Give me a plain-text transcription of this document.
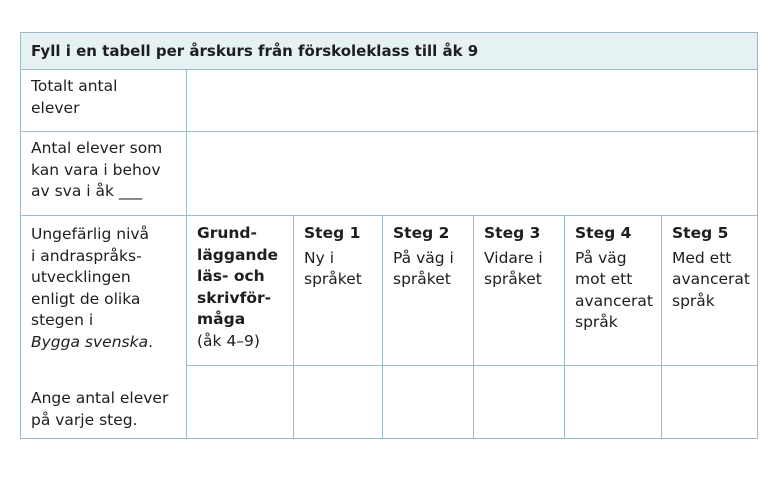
Fyll i en tabell per årskurs från förskoleklass till åk 9
Totalt antal
elever
Antal elever som
kan vara i behov
av sva i åk ___
Ungefärlig nivå
i andraspråks-
utvecklingen
enligt de olika
stegen i
Bygga svenska.
Ange antal elever
på varje steg.
Grund-
läggande
läs- och
skrivför-
måga
(åk 4–9)
Steg 1
Ny i
språket
Steg 2
På väg i
språket
Steg 3
Vidare i
språket
Steg 4
På väg
mot ett
avancerat
språk
Steg 5
Med ett
avancerat
språk
